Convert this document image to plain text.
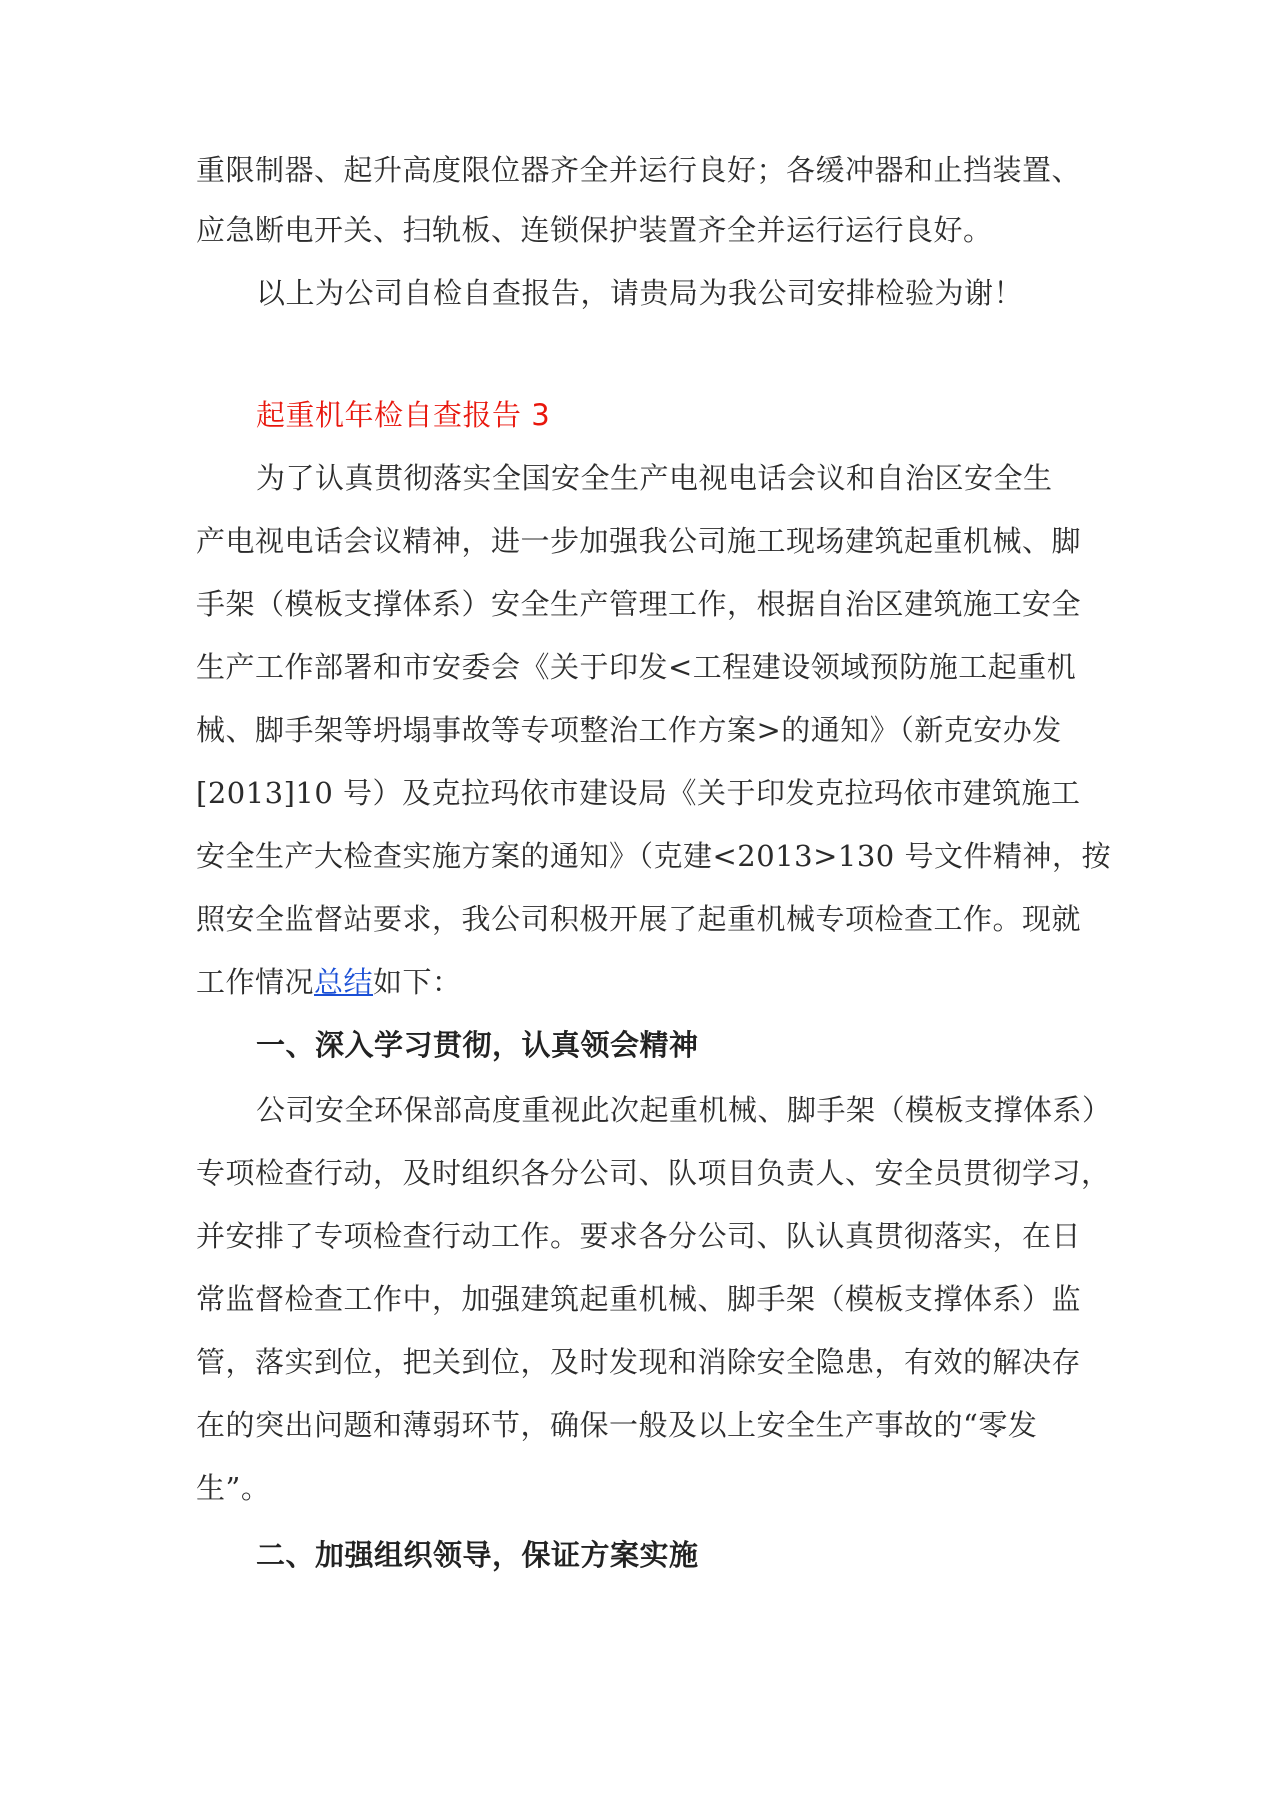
重限制器、起升高度限位器齐全并运行良好；各缓冲器和止挡装置、
应急断电开关、扫轨板、连锁保护装置齐全并运行运行良好。
以上为公司自检自查报告，请贵局为我公司安排检验为谢！
起重机年检自查报告 3
为了认真贯彻落实全国安全生产电视电话会议和自治区安全生
产电视电话会议精神，进一步加强我公司施工现场建筑起重机械、脚
手架（模板支撑体系）安全生产管理工作，根据自治区建筑施工安全
生产工作部署和市安委会《关于印发<工程建设领域预防施工起重机
械、脚手架等坍塌事故等专项整治工作方案>的通知》（新克安办发
[2013]10 号）及克拉玛依市建设局《关于印发克拉玛依市建筑施工
安全生产大检查实施方案的通知》（克建<2013>130 号文件精神，按
照安全监督站要求，我公司积极开展了起重机械专项检查工作。现就
工作情况总结如下：
一、深入学习贯彻，认真领会精神
公司安全环保部高度重视此次起重机械、脚手架（模板支撑体系）
专项检查行动，及时组织各分公司、队项目负责人、安全员贯彻学习，
并安排了专项检查行动工作。要求各分公司、队认真贯彻落实，在日
常监督检查工作中，加强建筑起重机械、脚手架（模板支撑体系）监
管，落实到位，把关到位，及时发现和消除安全隐患，有效的解决存
在的突出问题和薄弱环节，确保一般及以上安全生产事故的“零发
生”。
二、加强组织领导，保证方案实施
